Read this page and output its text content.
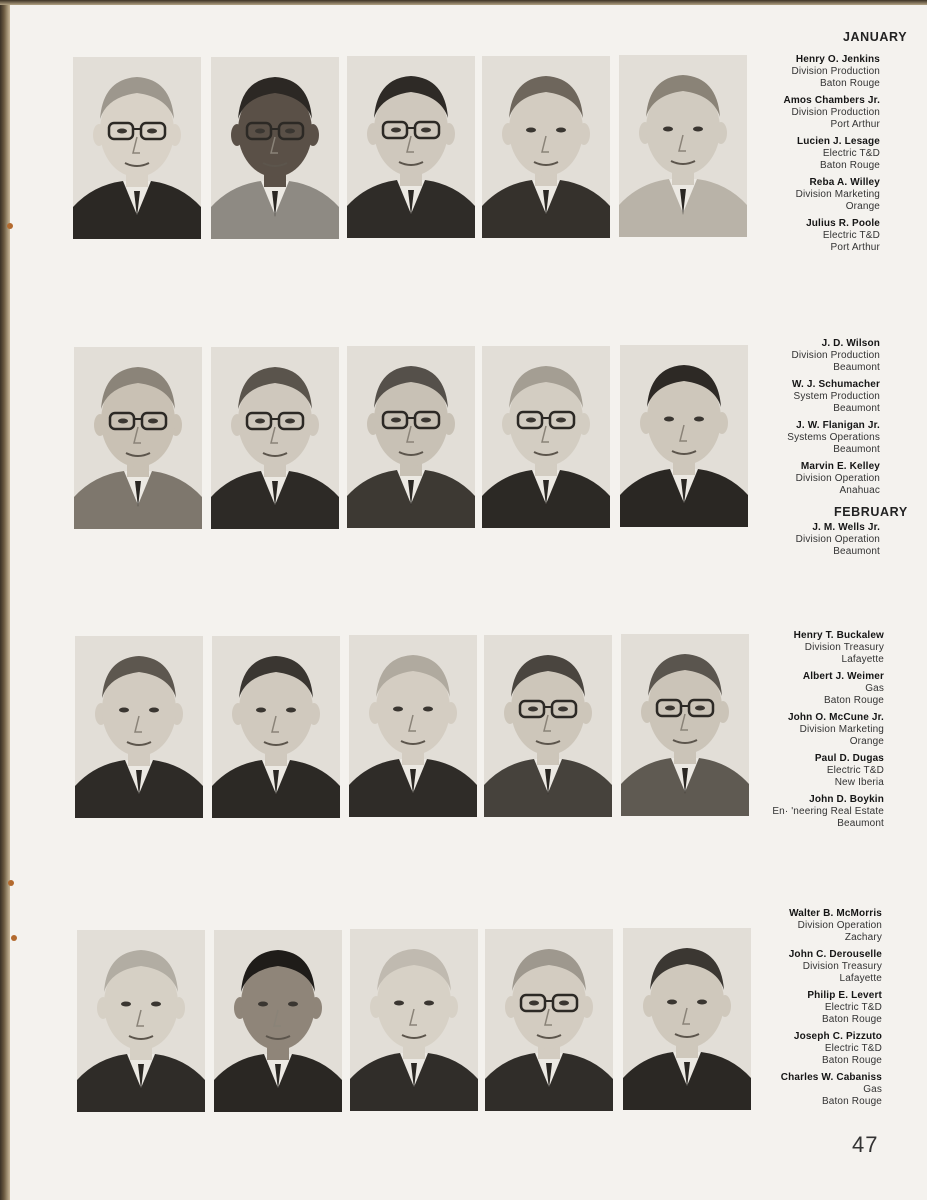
JANUARY
FEBRUARY
Henry O. Jenkins
Division Production
Baton Rouge
Amos Chambers Jr.
Division Production
Port Arthur
Lucien J. Lesage
Electric T&D
Baton Rouge
Reba A. Willey
Division Marketing
Orange
Julius R. Poole
Electric T&D
Port Arthur
J. D. Wilson
Division Production
Beaumont
W. J. Schumacher
System Production
Beaumont
J. W. Flanigan Jr.
Systems Operations
Beaumont
Marvin E. Kelley
Division Operation
Anahuac
J. M. Wells Jr.
Division Operation
Beaumont
Henry T. Buckalew
Division Treasury
Lafayette
Albert J. Weimer
Gas
Baton Rouge
John O. McCune Jr.
Division Marketing
Orange
Paul D. Dugas
Electric T&D
New Iberia
John D. Boykin
En· 'neering Real Estate
Beaumont
Walter B. McMorris
Division Operation
Zachary
John C. Derouselle
Division Treasury
Lafayette
Philip E. Levert
Electric T&D
Baton Rouge
Joseph C. Pizzuto
Electric T&D
Baton Rouge
Charles W. Cabaniss
Gas
Baton Rouge
47
